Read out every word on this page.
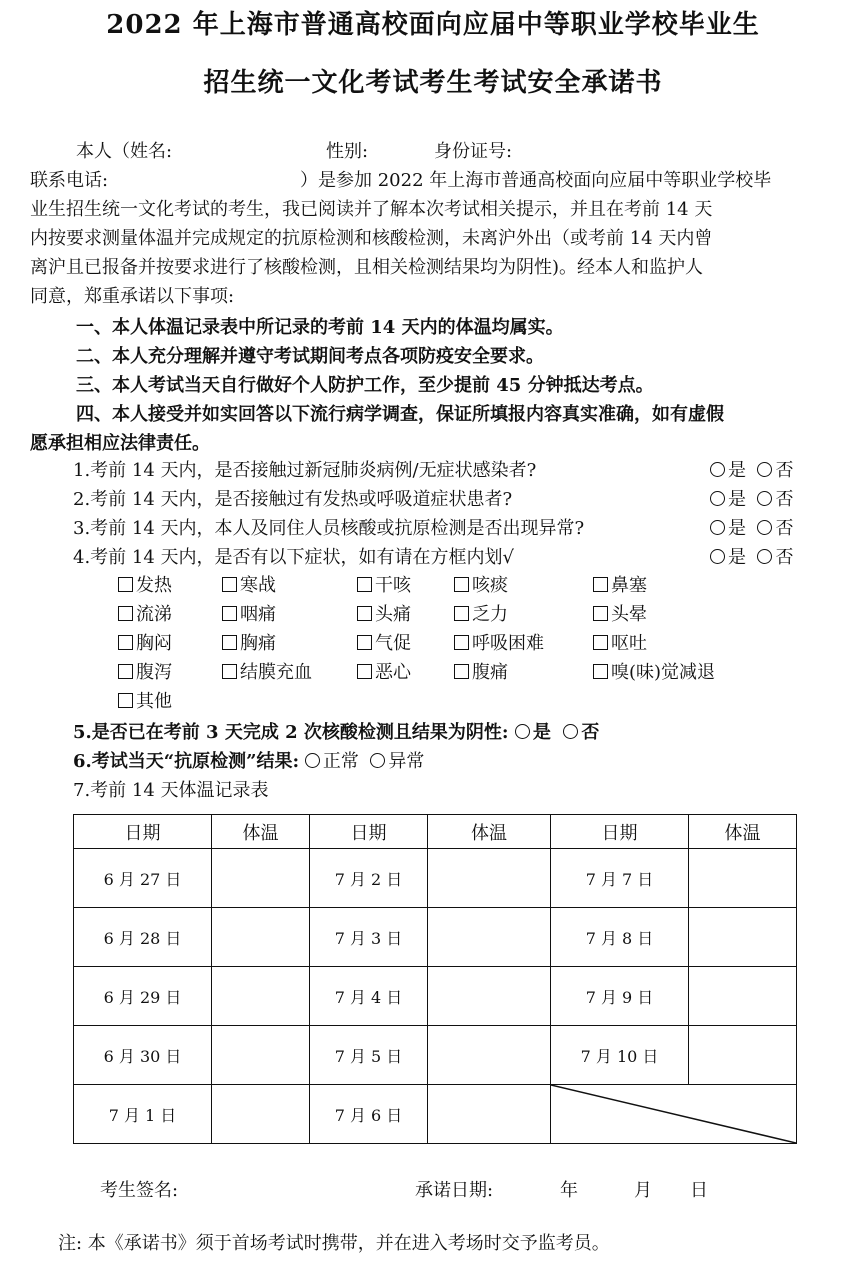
2022 年上海市普通高校面向应届中等职业学校毕业生
招生统一文化考试考生考试安全承诺书
本人（姓名:	性别:	身份证号:
联系电话:	）是参加 2022 年上海市普通高校面向应届中等职业学校毕
业生招生统一文化考试的考生，我已阅读并了解本次考试相关提示，并且在考前 14 天
内按要求测量体温并完成规定的抗原检测和核酸检测，未离沪外出（或考前 14 天内曾
离沪且已报备并按要求进行了核酸检测，且相关检测结果均为阴性)。经本人和监护人
同意，郑重承诺以下事项:
一、本人体温记录表中所记录的考前 14 天内的体温均属实。
二、本人充分理解并遵守考试期间考点各项防疫安全要求。
三、本人考试当天自行做好个人防护工作，至少提前 45 分钟抵达考点。
四、本人接受并如实回答以下流行病学调查，保证所填报内容真实准确，如有虚假
愿承担相应法律责任。
1.考前 14 天内，是否接触过新冠肺炎病例/无症状感染者?	是 否
2.考前 14 天内，是否接触过有发热或呼吸道症状患者?	是 否
3.考前 14 天内，本人及同住人员核酸或抗原检测是否出现异常?	是 否
4.考前 14 天内，是否有以下症状，如有请在方框内划√	是 否
发热	寒战	干咳	咳痰	鼻塞
流涕	咽痛	头痛	乏力	头晕
胸闷	胸痛	气促	呼吸困难	呕吐
腹泻	结膜充血	恶心	腹痛	嗅(味)觉减退
其他
5.是否已在考前 3 天完成 2 次核酸检测且结果为阴性: 是 否
6.考试当天“抗原检测”结果: 正常 异常
7.考前 14 天体温记录表
日期	体温	日期	体温	日期	体温
6 月 27 日		7 月 2 日		7 月 7 日	
6 月 28 日		7 月 3 日		7 月 8 日	
6 月 29 日		7 月 4 日		7 月 9 日	
6 月 30 日		7 月 5 日		7 月 10 日	
7 月 1 日		7 月 6 日		
考生签名:	承诺日期:	年	月 日
注: 本《承诺书》须于首场考试时携带，并在进入考场时交予监考员。
